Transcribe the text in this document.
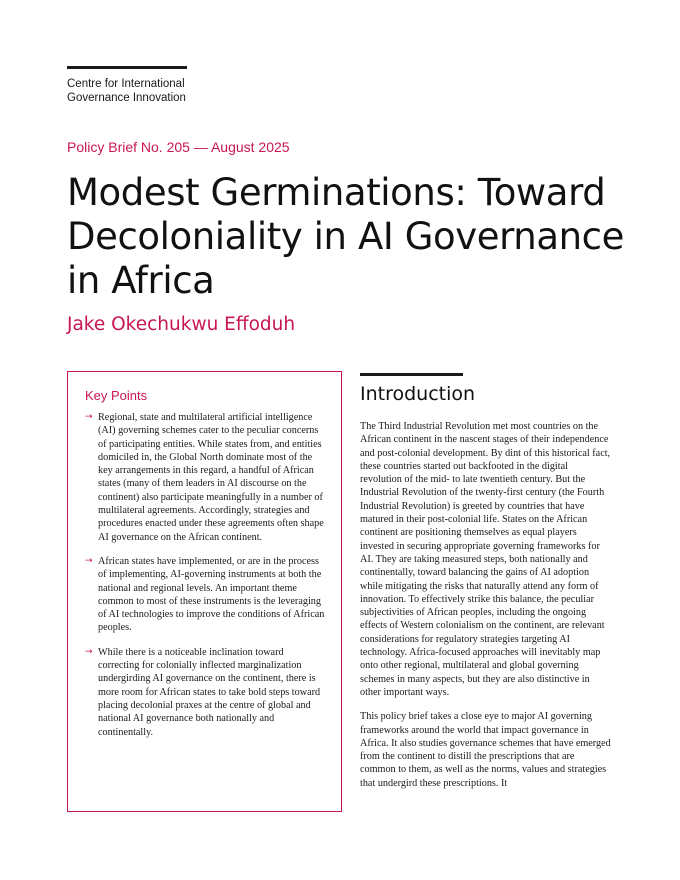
Centre for International
Governance Innovation
Policy Brief No. 205 — August 2025
Modest Germinations: Toward Decoloniality in AI Governance in Africa
Jake Okechukwu Effoduh
Key Points
→ Regional, state and multilateral artificial intelligence (AI) governing schemes cater to the peculiar concerns of participating entities. While states from, and entities domiciled in, the Global North dominate most of the key arrangements in this regard, a handful of African states (many of them leaders in AI discourse on the continent) also participate meaningfully in a number of multilateral agreements. Accordingly, strategies and procedures enacted under these agreements often shape AI governance on the African continent.
→ African states have implemented, or are in the process of implementing, AI-governing instruments at both the national and regional levels. An important theme common to most of these instruments is the leveraging of AI technologies to improve the conditions of African peoples.
→ While there is a noticeable inclination toward correcting for colonially inflected marginalization undergirding AI governance on the continent, there is more room for African states to take bold steps toward placing decolonial praxes at the centre of global and national AI governance both nationally and continentally.
Introduction

The Third Industrial Revolution met most countries on the African continent in the nascent stages of their independence and post-colonial development. By dint of this historical fact, these countries started out backfooted in the digital revolution of the mid- to late twentieth century. But the Industrial Revolution of the twenty-first century (the Fourth Industrial Revolution) is greeted by countries that have matured in their post-colonial life. States on the African continent are positioning themselves as equal players invested in securing appropriate governing frameworks for AI. They are taking measured steps, both nationally and continentally, toward balancing the gains of AI adoption while mitigating the risks that naturally attend any form of innovation. To effectively strike this balance, the peculiar subjectivities of African peoples, including the ongoing effects of Western colonialism on the continent, are relevant considerations for regulatory strategies targeting AI technology. Africa-focused approaches will inevitably map onto other regional, multilateral and global governing schemes in many aspects, but they are also distinctive in other important ways.

This policy brief takes a close eye to major AI governing frameworks around the world that impact governance in Africa. It also studies governance schemes that have emerged from the continent to distill the prescriptions that are common to them, as well as the norms, values and strategies that undergird these prescriptions. It
